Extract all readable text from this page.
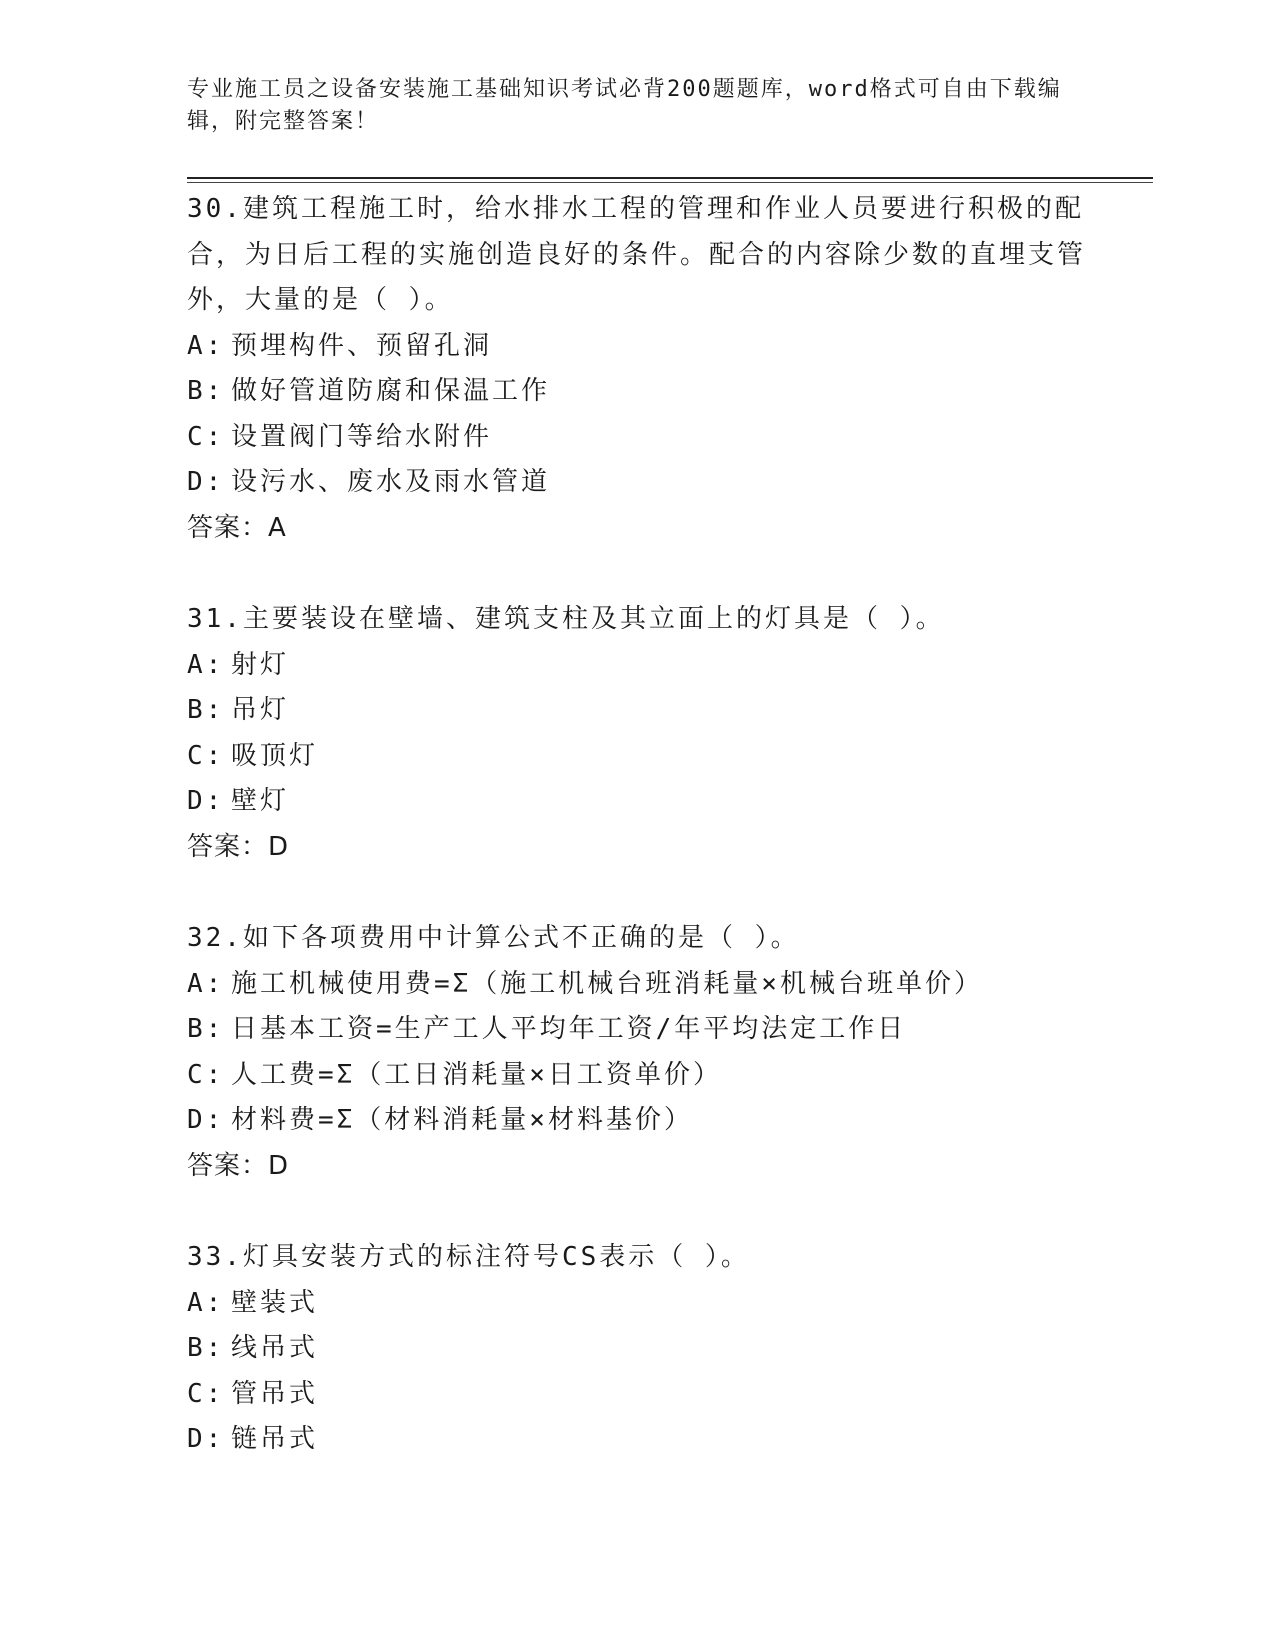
专业施工员之设备安装施工基础知识考试必背200题题库，word格式可自由下载编辑，附完整答案！

30.建筑工程施工时，给水排水工程的管理和作业人员要进行积极的配合，为日后工程的实施创造良好的条件。配合的内容除少数的直埋支管外，大量的是（ ）。

A: 预埋构件、预留孔洞

B: 做好管道防腐和保温工作

C: 设置阀门等给水附件

D: 设污水、废水及雨水管道

答案：A

31.主要装设在壁墙、建筑支柱及其立面上的灯具是（ ）。

A: 射灯

B: 吊灯

C: 吸顶灯

D: 壁灯

答案：D

32.如下各项费用中计算公式不正确的是（ ）。

A: 施工机械使用费=Σ（施工机械台班消耗量×机械台班单价）

B: 日基本工资=生产工人平均年工资/年平均法定工作日

C: 人工费=Σ（工日消耗量×日工资单价）

D: 材料费=Σ（材料消耗量×材料基价）

答案：D

33.灯具安装方式的标注符号CS表示（ ）。

A: 壁装式

B: 线吊式

C: 管吊式

D: 链吊式
